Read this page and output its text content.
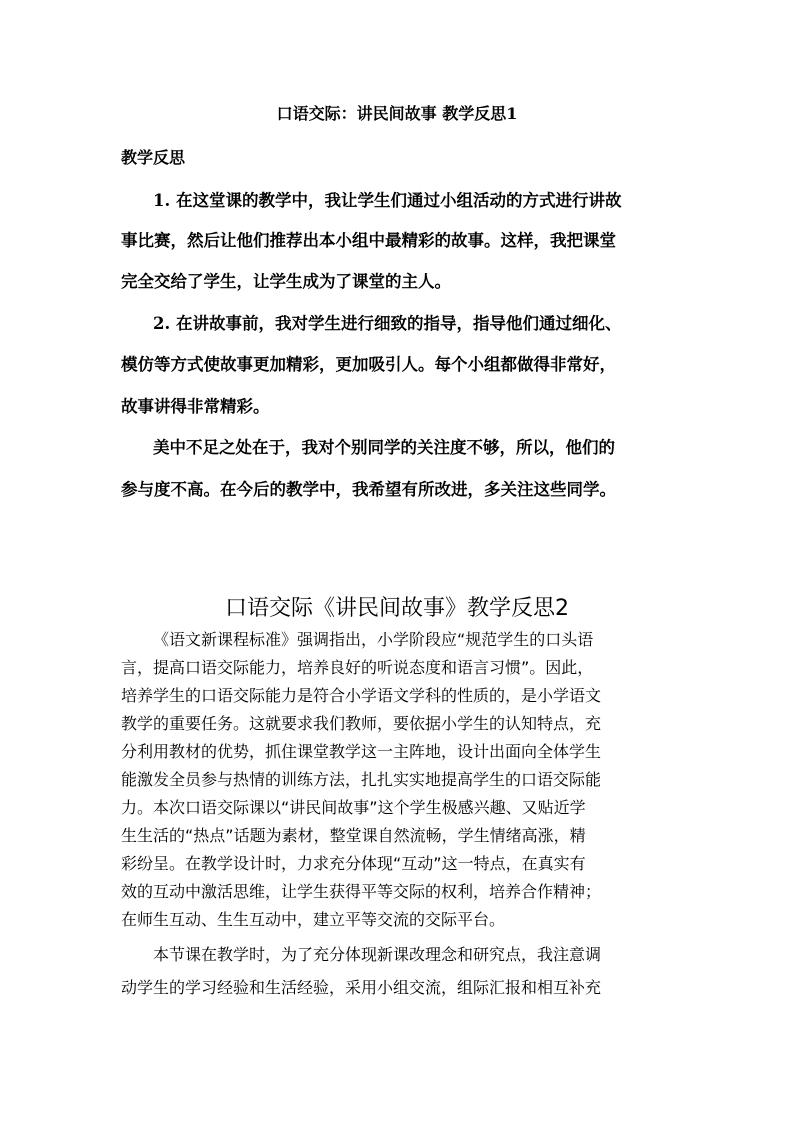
口语交际：讲民间故事 教学反思1
教学反思
1. 在这堂课的教学中，我让学生们通过小组活动的方式进行讲故
事比赛，然后让他们推荐出本小组中最精彩的故事。这样，我把课堂
完全交给了学生，让学生成为了课堂的主人。
2. 在讲故事前，我对学生进行细致的指导，指导他们通过细化、
模仿等方式使故事更加精彩，更加吸引人。每个小组都做得非常好，
故事讲得非常精彩。
美中不足之处在于，我对个别同学的关注度不够，所以，他们的
参与度不高。在今后的教学中，我希望有所改进，多关注这些同学。
口语交际《讲民间故事》教学反思2
《语文新课程标准》强调指出，小学阶段应“规范学生的口头语
言，提高口语交际能力，培养良好的听说态度和语言习惯”。因此，
培养学生的口语交际能力是符合小学语文学科的性质的，是小学语文
教学的重要任务。这就要求我们教师，要依据小学生的认知特点，充
分利用教材的优势，抓住课堂教学这一主阵地，设计出面向全体学生
能激发全员参与热情的训练方法，扎扎实实地提高学生的口语交际能
力。本次口语交际课以“讲民间故事”这个学生极感兴趣、又贴近学
生生活的“热点”话题为素材，整堂课自然流畅，学生情绪高涨，精
彩纷呈。在教学设计时，力求充分体现“互动”这一特点，在真实有
效的互动中激活思维，让学生获得平等交际的权利，培养合作精神；
在师生互动、生生互动中，建立平等交流的交际平台。
本节课在教学时，为了充分体现新课改理念和研究点，我注意调
动学生的学习经验和生活经验，采用小组交流，组际汇报和相互补充
